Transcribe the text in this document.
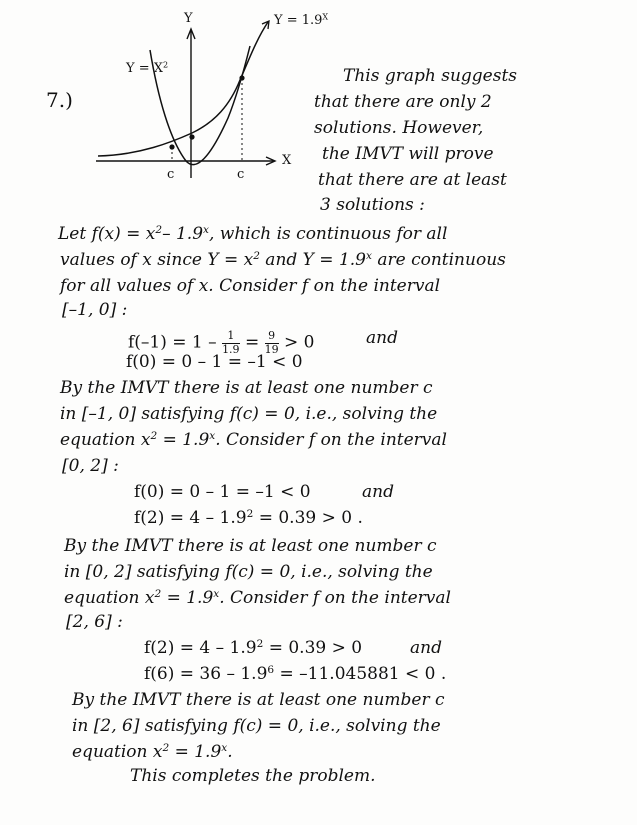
7.)
Y
X
$Y = 1.9^X$
$Y = X^2$
c	c
This graph suggests
that there are only 2
solutions. However,
the IMVT will prove
that there are at least
3 solutions :
Let $f(x) = x^2-$ 1.9$^x$, which is continuous for all
values of x since $Y = x^2$ and $Y = 1.9^x$ are continuous
for all values of x. Consider f on the interval
[–1, 0] :
$f(-1) = 1 - \frac{1}{1.9} = \frac{9}{19} > 0$	and
f(0) = 0 – 1 = –1 < 0
By the IMVT there is at least one number c
in [–1, 0] satisfying f(c) = 0, i.e., solving the
equation $x^2 = 1.9^x$. Consider f on the interval
[0, 2] :
f(0) = 0 – 1 = –1 < 0	and
$f(2) = 4 - 1.9^2 = 0.39 > 0$ .
By the IMVT there is at least one number c
in [0, 2] satisfying f(c) = 0, i.e., solving the
equation $x^2 = 1.9^x$. Consider f on the interval
[2, 6] :
$f(2) = 4 - 1.9^2 = 0.39 > 0$	and
$f(6) = 36 - 1.9^6 = -11.045881 < 0$ .
By the IMVT there is at least one number c
in [2, 6] satisfying f(c) = 0, i.e., solving the
equation $x^2 = 1.9^x$.
This completes the problem.
